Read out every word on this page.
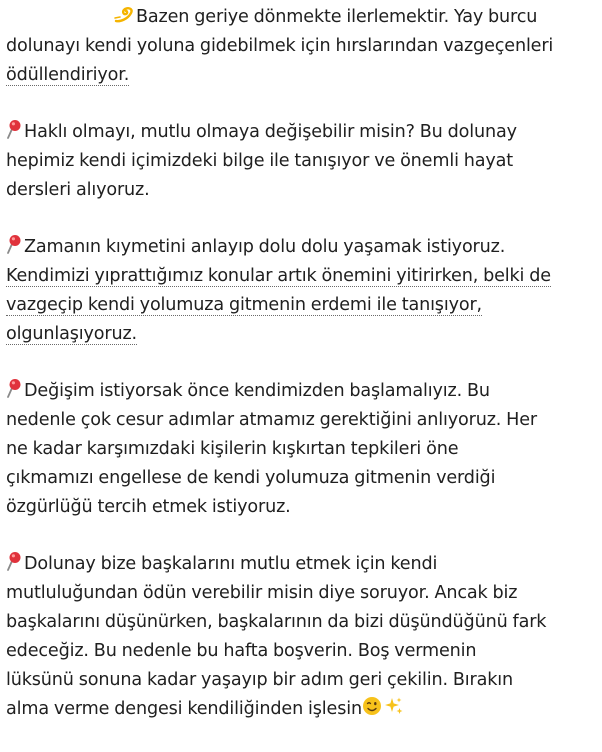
Bazen geriye dönmekte ilerlemektir. Yay burcu
dolunayı kendi yoluna gidebilmek için hırslarından vazgeçenleri
ödüllendiriyor.

Haklı olmayı, mutlu olmaya değişebilir misin? Bu dolunay
hepimiz kendi içimizdeki bilge ile tanışıyor ve önemli hayat
dersleri alıyoruz.

Zamanın kıymetini anlayıp dolu dolu yaşamak istiyoruz.
Kendimizi yıprattığımız konular artık önemini yitirirken, belki de
vazgeçip kendi yolumuza gitmenin erdemi ile tanışıyor,
olgunlaşıyoruz.

Değişim istiyorsak önce kendimizden başlamalıyız. Bu
nedenle çok cesur adımlar atmamız gerektiğini anlıyoruz. Her
ne kadar karşımızdaki kişilerin kışkırtan tepkileri öne
çıkmamızı engellese de kendi yolumuza gitmenin verdiği
özgürlüğü tercih etmek istiyoruz.

Dolunay bize başkalarını mutlu etmek için kendi
mutluluğundan ödün verebilir misin diye soruyor. Ancak biz
başkalarını düşünürken, başkalarının da bizi düşündüğünü fark
edeceğiz. Bu nedenle bu hafta boşverin. Boş vermenin
lüksünü sonuna kadar yaşayıp bir adım geri çekilin. Bırakın
alma verme dengesi kendiliğinden işlesin
